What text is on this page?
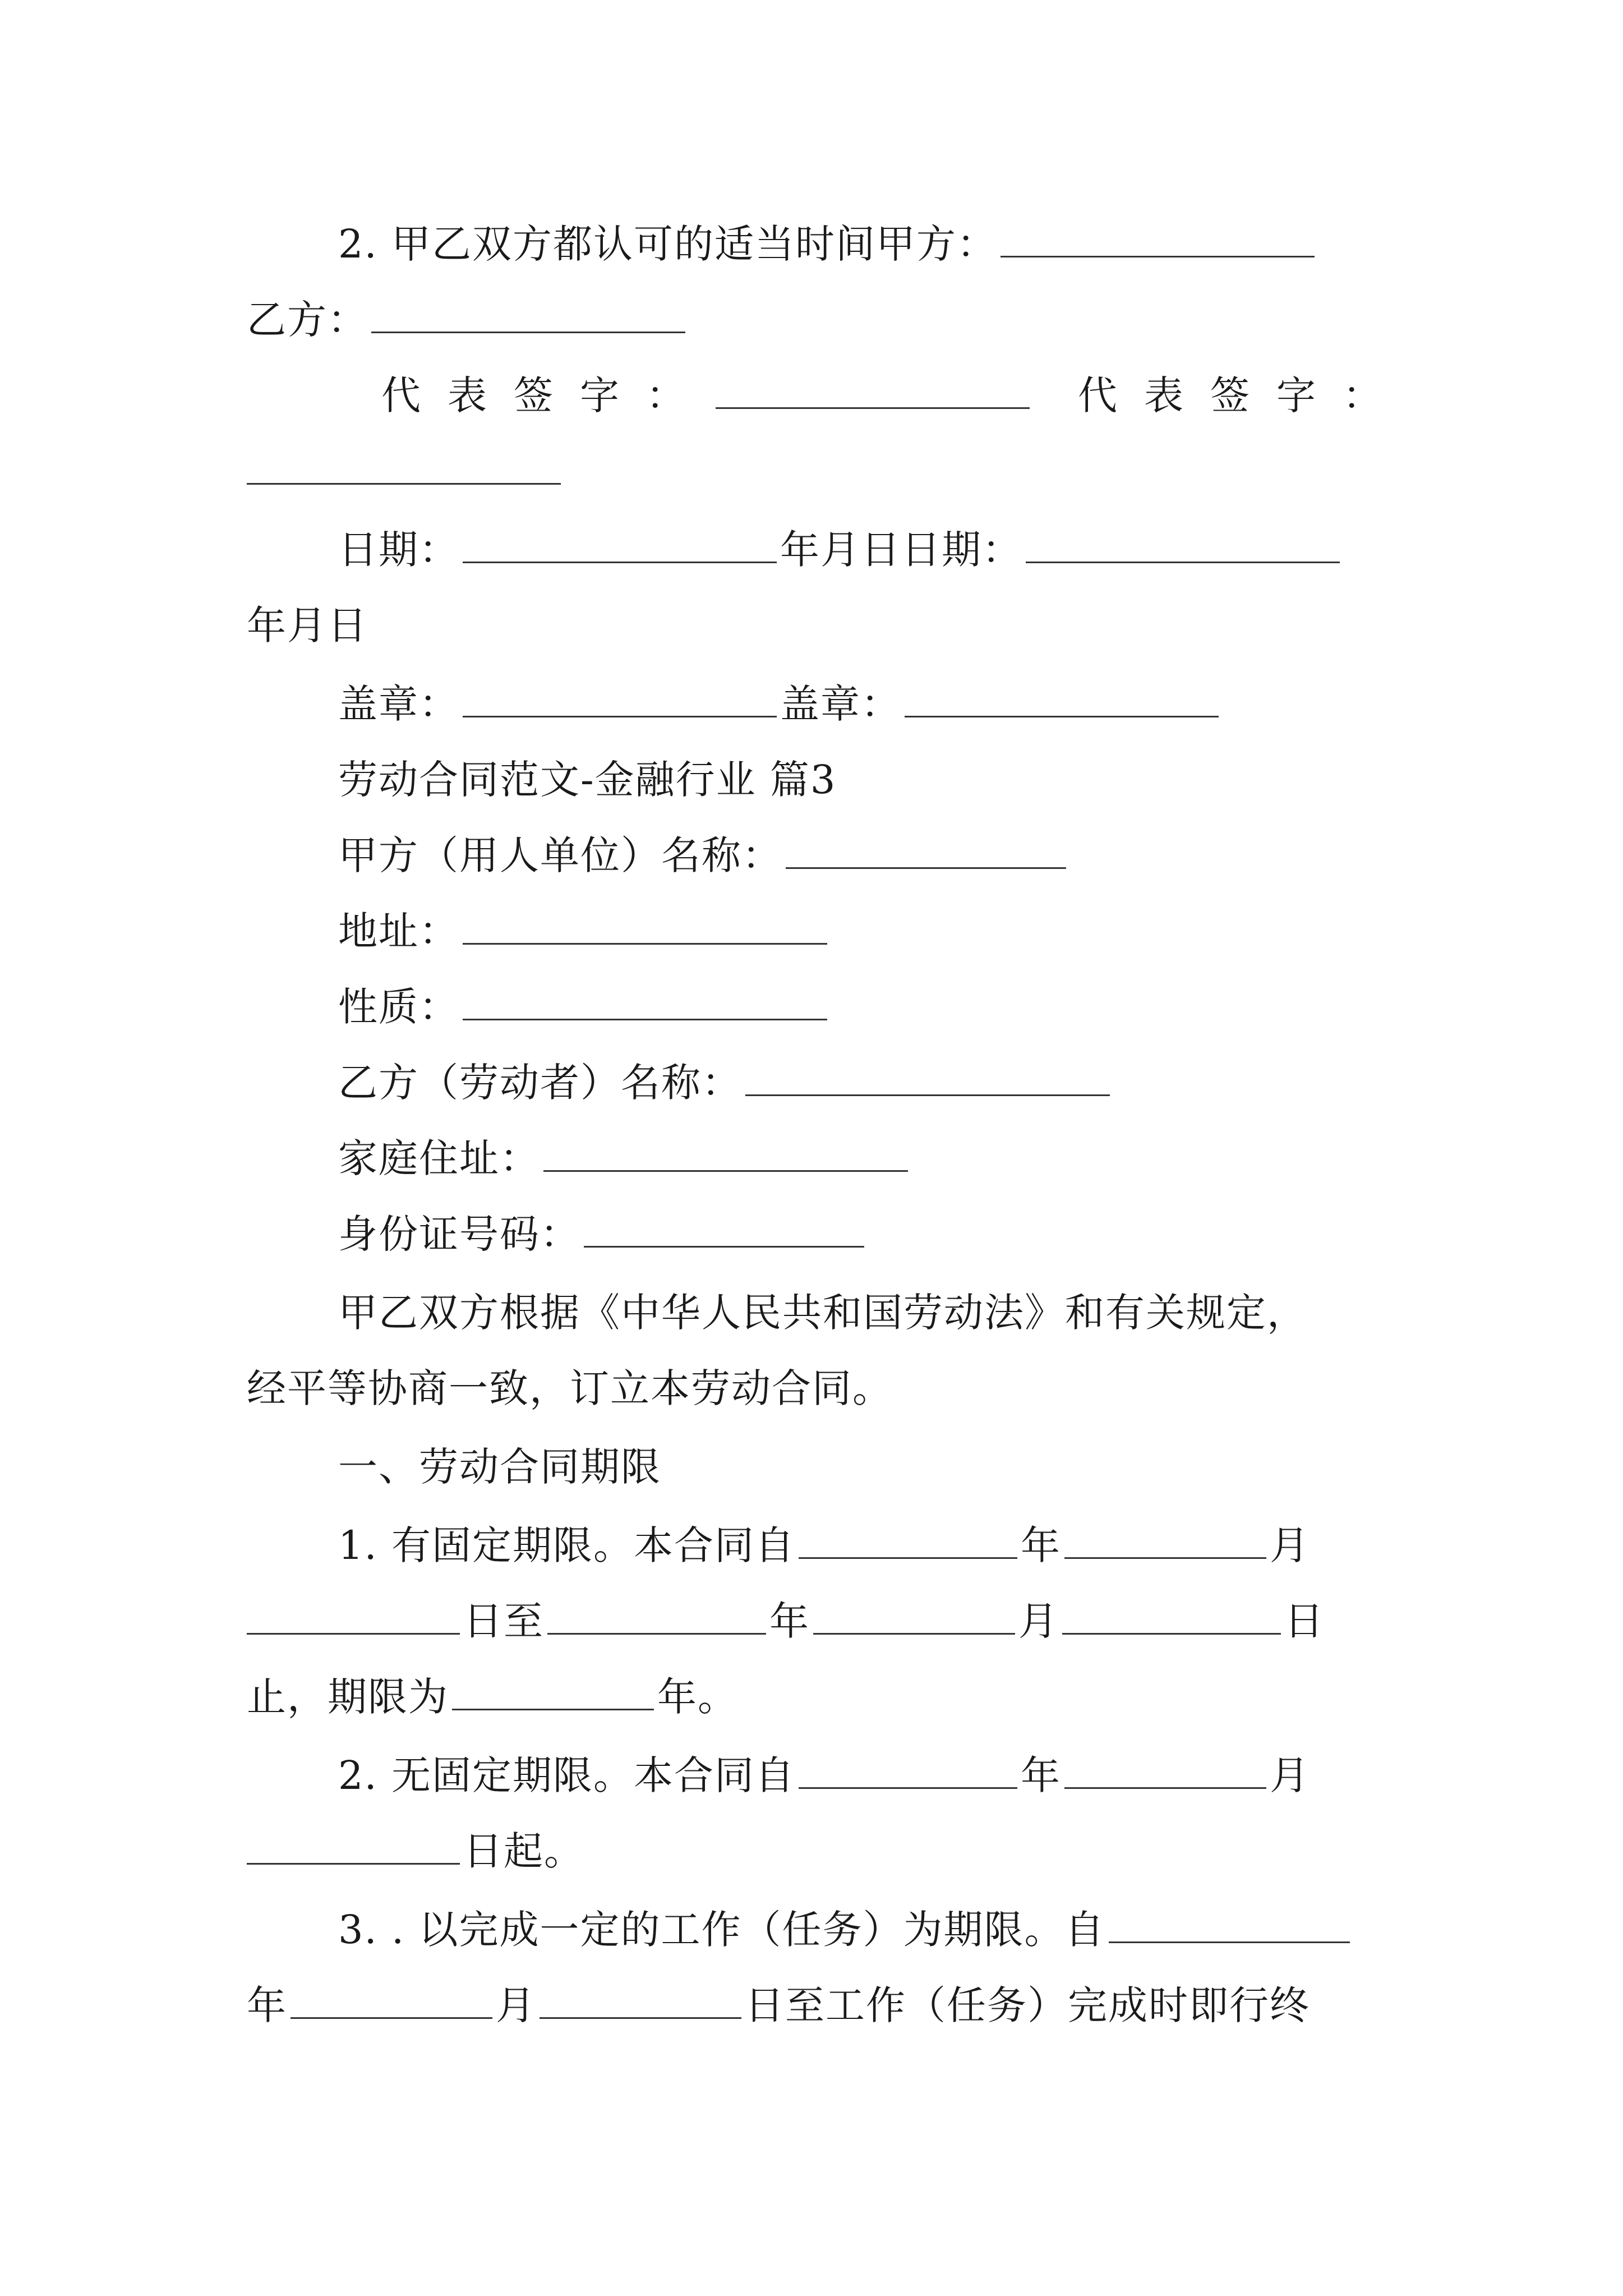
2. 甲乙双方都认可的适当时间甲方：
乙方：
代表签字：	代表签字：
日期：	年月日日期：
年月日
盖章：	盖章：
劳动合同范文-金融行业 篇3
甲方（用人单位）名称：
地址：
性质：
乙方（劳动者）名称：
家庭住址：
身份证号码：
甲乙双方根据《中华人民共和国劳动法》和有关规定，
经平等协商一致，订立本劳动合同。
一、劳动合同期限
1. 有固定期限。本合同自	年	月
日至	年	月	日
止，期限为	年。
2. 无固定期限。本合同自	年	月
日起。
3. . 以完成一定的工作（任务）为期限。自
年	月	日至工作（任务）完成时即行终
